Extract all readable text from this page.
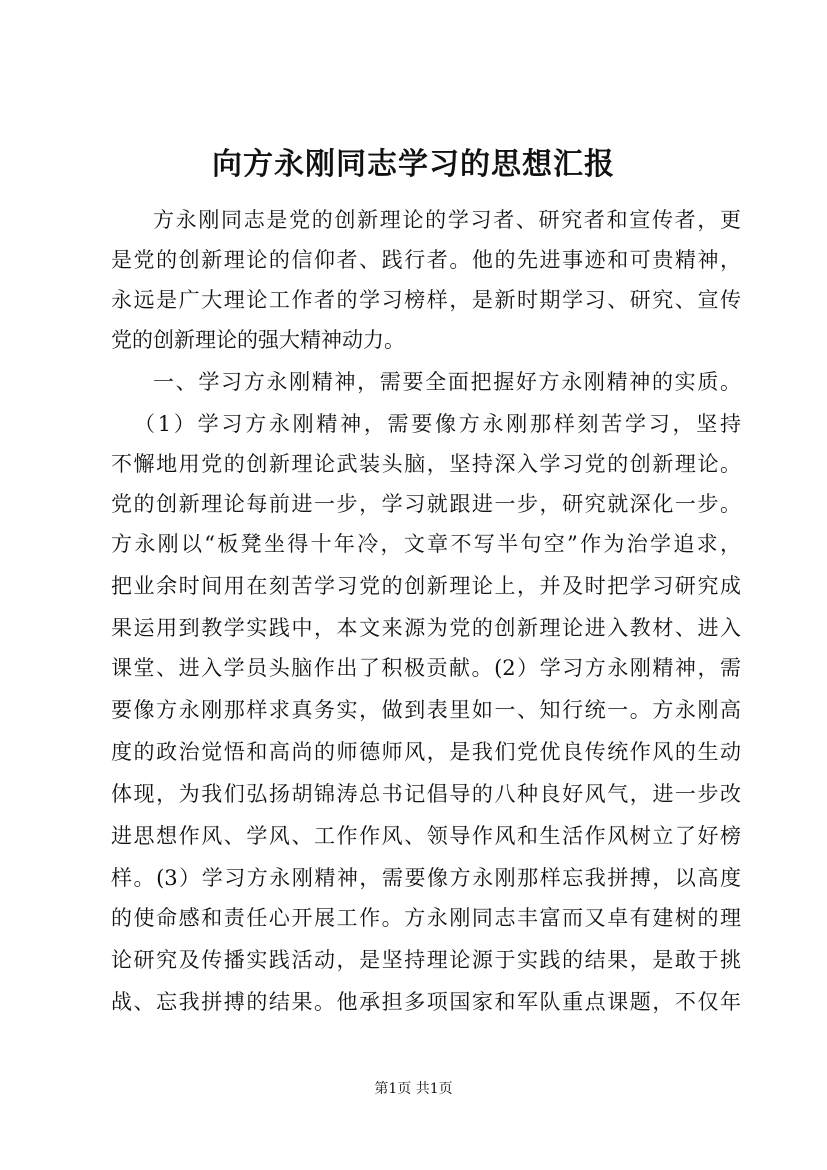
向方永刚同志学习的思想汇报
方永刚同志是党的创新理论的学习者、研究者和宣传者，更
是党的创新理论的信仰者、践行者。他的先进事迹和可贵精神，
永远是广大理论工作者的学习榜样，是新时期学习、研究、宣传
党的创新理论的强大精神动力。
一、学习方永刚精神，需要全面把握好方永刚精神的实质。
（1）学习方永刚精神，需要像方永刚那样刻苦学习，坚持
不懈地用党的创新理论武装头脑，坚持深入学习党的创新理论。
党的创新理论每前进一步，学习就跟进一步，研究就深化一步。
方永刚以“板凳坐得十年冷，文章不写半句空”作为治学追求，
把业余时间用在刻苦学习党的创新理论上，并及时把学习研究成
果运用到教学实践中，本文来源为党的创新理论进入教材、进入
课堂、进入学员头脑作出了积极贡献。(2）学习方永刚精神，需
要像方永刚那样求真务实，做到表里如一、知行统一。方永刚高
度的政治觉悟和高尚的师德师风，是我们党优良传统作风的生动
体现，为我们弘扬胡锦涛总书记倡导的八种良好风气，进一步改
进思想作风、学风、工作作风、领导作风和生活作风树立了好榜
样。(3）学习方永刚精神，需要像方永刚那样忘我拼搏，以高度
的使命感和责任心开展工作。方永刚同志丰富而又卓有建树的理
论研究及传播实践活动，是坚持理论源于实践的结果，是敢于挑
战、忘我拼搏的结果。他承担多项国家和军队重点课题，不仅年
第1页 共1页
